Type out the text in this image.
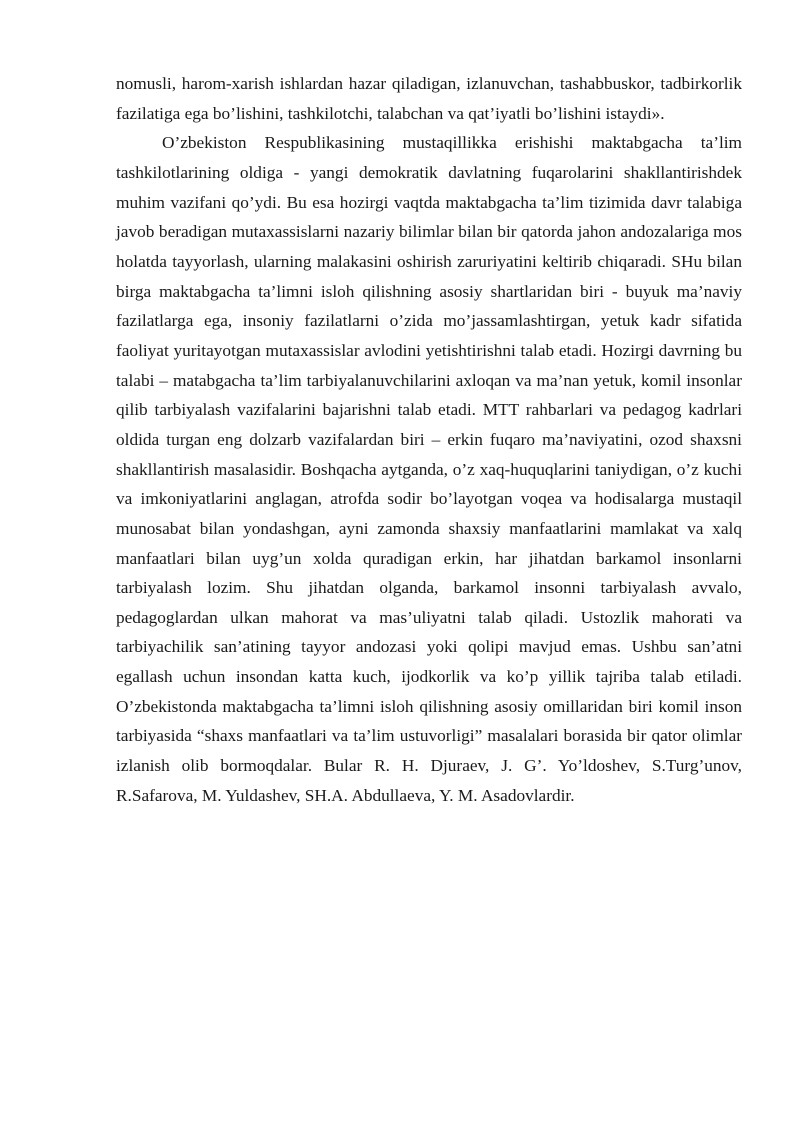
nomusli, harom-xarish ishlardan hazar qiladigan, izlanuvchan, tashabbuskor, tadbirkorlik fazilatiga ega bo’lishini, tashkilotchi, talabchan va qat’iyatli bo’lishini istaydi».

O’zbekiston Respublikasining mustaqillikka erishishi maktabgacha ta’lim tashkilotlarining oldiga - yangi demokratik davlatning fuqarolarini shakllantirishdek muhim vazifani qo’ydi. Bu esa hozirgi vaqtda maktabgacha ta’lim tizimida davr talabiga javob beradigan mutaxassislarni nazariy bilimlar bilan bir qatorda jahon andozalariga mos holatda tayyorlash, ularning malakasini oshirish zaruriyatini keltirib chiqaradi. SHu bilan birga maktabgacha ta’limni isloh qilishning asosiy shartlaridan biri - buyuk ma’naviy fazilatlarga ega, insoniy fazilatlarni o’zida mo’jassamlashtirgan, yetuk kadr sifatida faoliyat yuritayotgan mutaxassislar avlodini yetishtirishni talab etadi. Hozirgi davrning bu talabi – matabgacha ta’lim tarbiyalanuvchilarini axloqan va ma’nan yetuk, komil insonlar qilib tarbiyalash vazifalarini bajarishni talab etadi. MTT rahbarlari va pedagog kadrlari oldida turgan eng dolzarb vazifalardan biri – erkin fuqaro ma’naviyatini, ozod shaxsni shakllantirish masalasidir. Boshqacha aytganda, o’z xaq-huquqlarini taniydigan, o’z kuchi va imkoniyatlarini anglagan, atrofda sodir bo’layotgan voqea va hodisalarga mustaqil munosabat bilan yondashgan, ayni zamonda shaxsiy manfaatlarini mamlakat va xalq manfaatlari bilan uyg’un xolda quradigan erkin, har jihatdan barkamol insonlarni tarbiyalash lozim. Shu jihatdan olganda, barkamol insonni tarbiyalash avvalo, pedagoglardan ulkan mahorat va mas’uliyatni talab qiladi. Ustozlik mahorati va tarbiyachilik san’atining tayyor andozasi yoki qolipi mavjud emas. Ushbu san’atni egallash uchun insondan katta kuch, ijodkorlik va ko’p yillik tajriba talab etiladi. O’zbekistonda maktabgacha ta’limni isloh qilishning asosiy omillaridan biri komil inson tarbiyasida “shaxs manfaatlari va ta’lim ustuvorligi” masalalari borasida bir qator olimlar izlanish olib bormoqdalar. Bular R. H. Djuraev, J. G’. Yo’ldoshev, S.Turg’unov, R.Safarova, M. Yuldashev, SH.A. Abdullaeva, Y. M. Asadovlardir.
